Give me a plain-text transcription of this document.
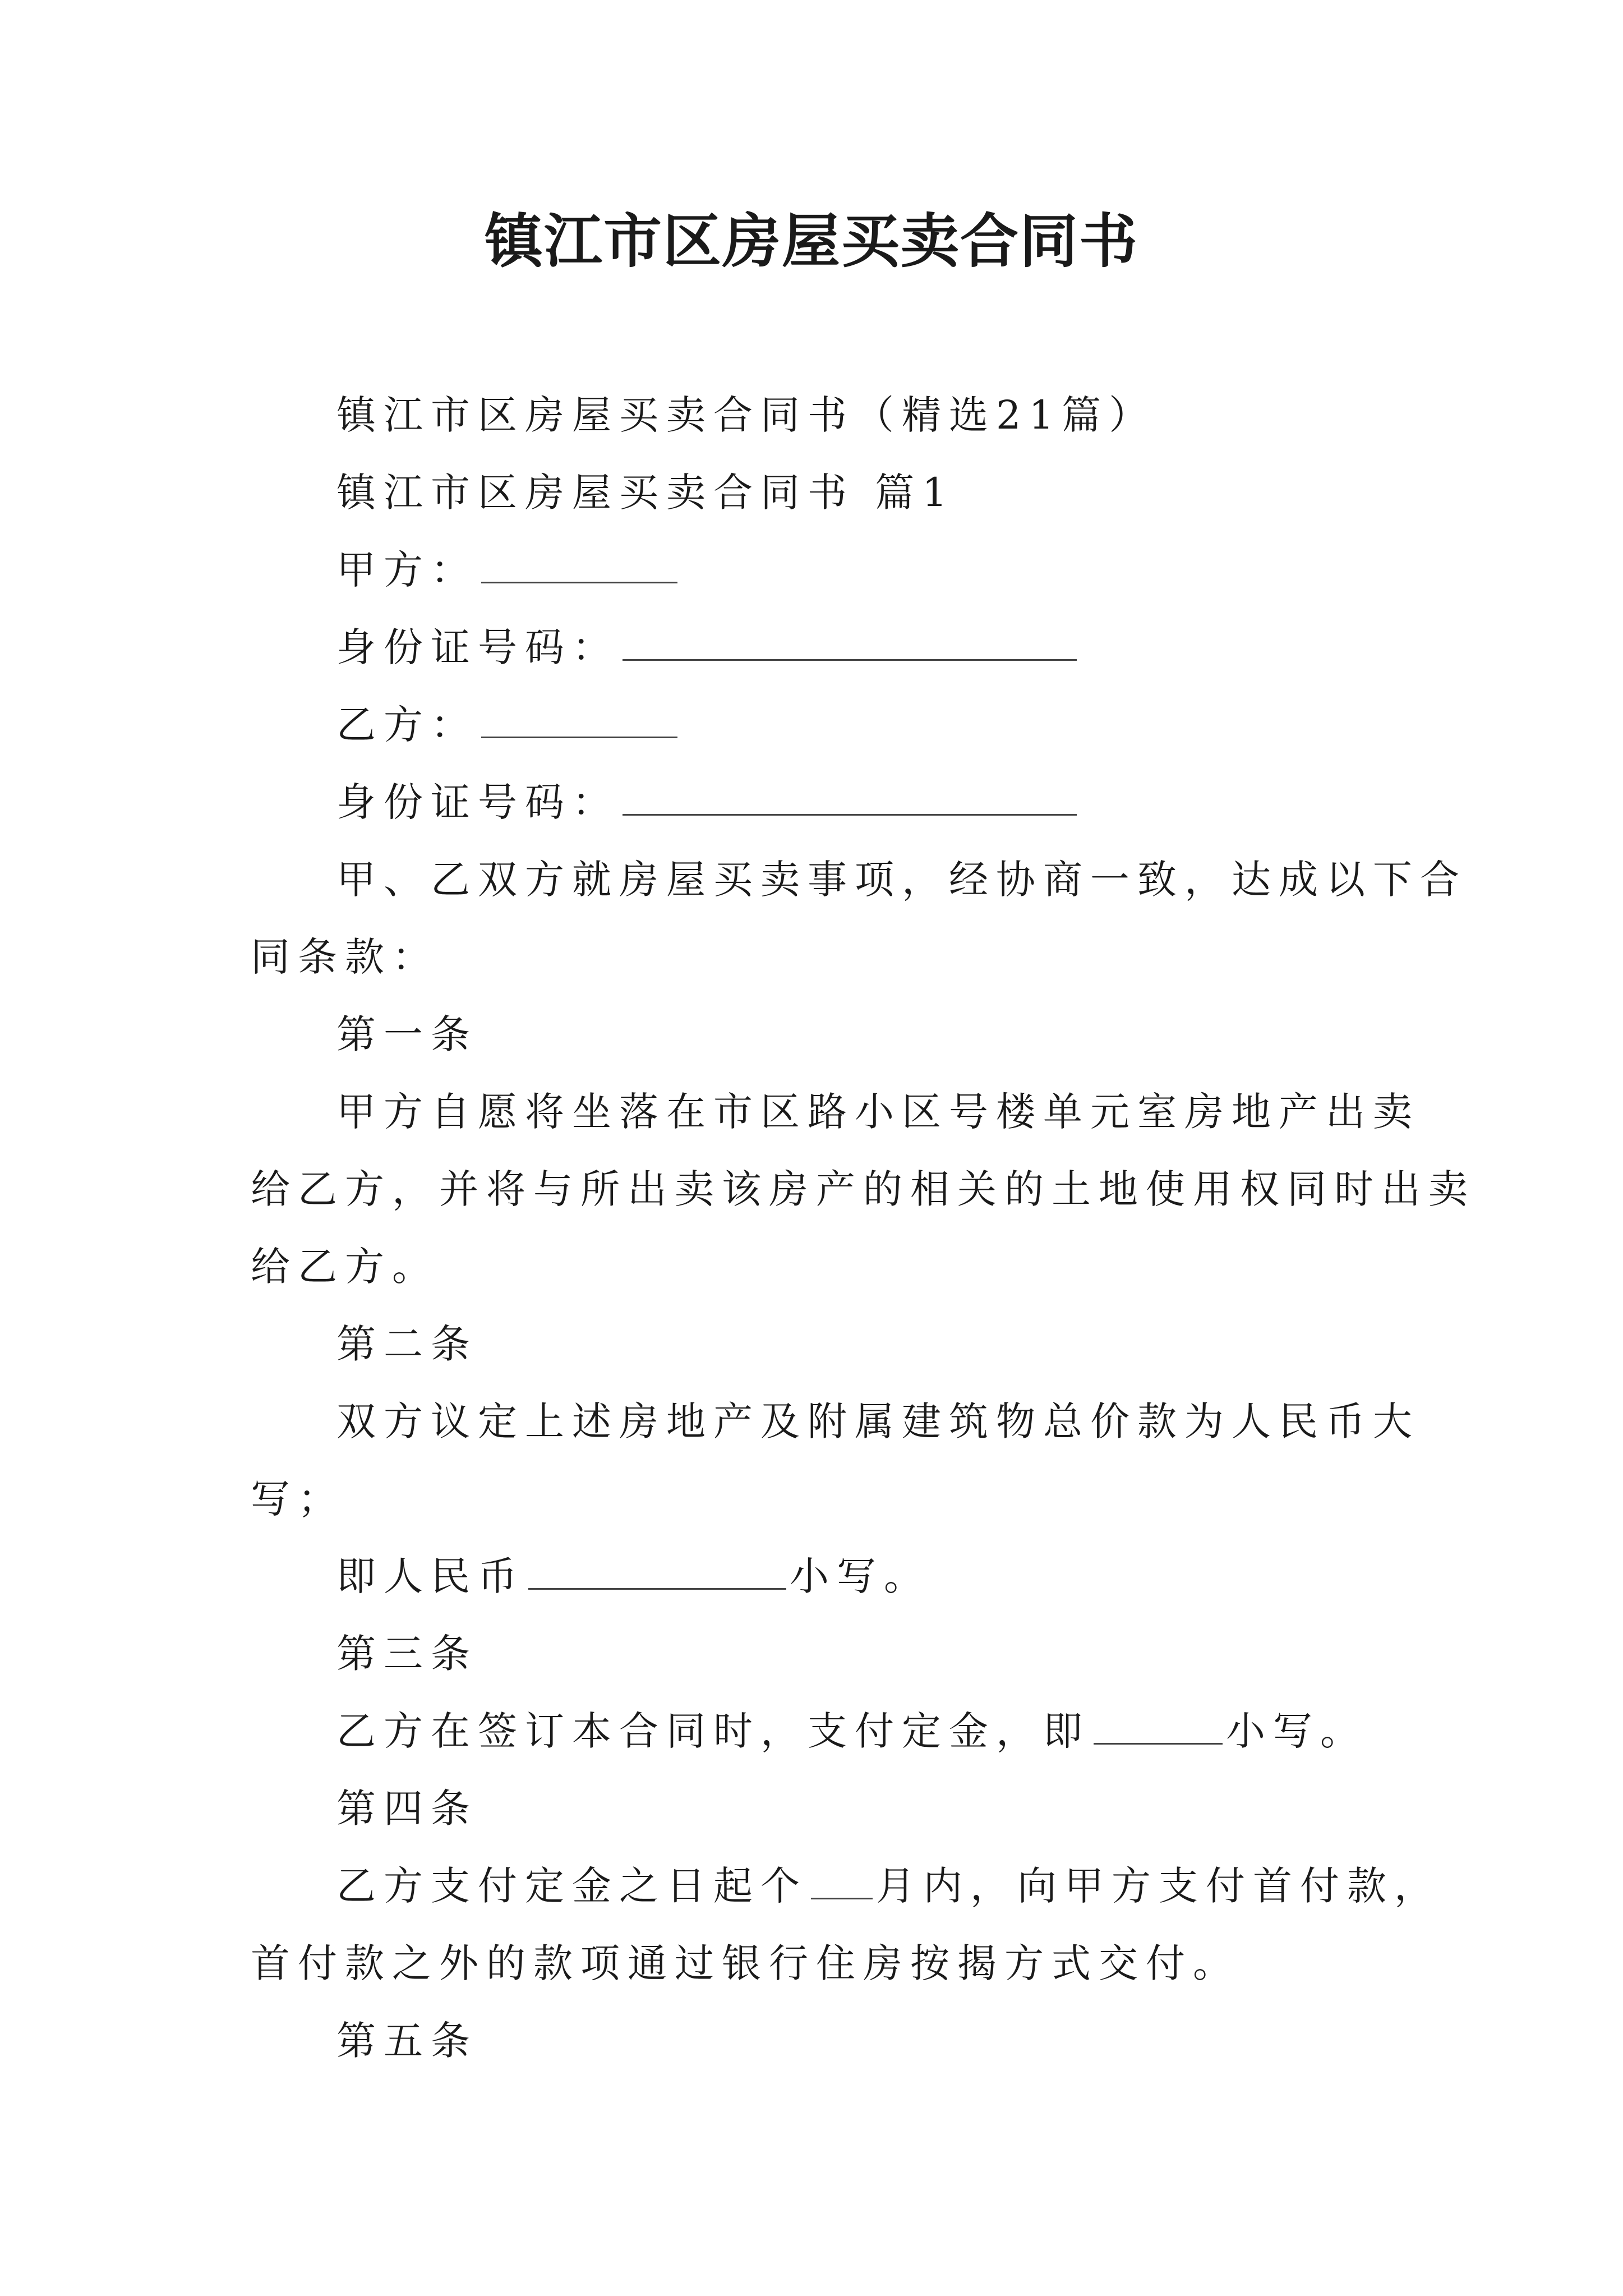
镇江市区房屋买卖合同书
镇江市区房屋买卖合同书（精选21篇）
镇江市区房屋买卖合同书 篇1
甲方：
身份证号码：
乙方：
身份证号码：
甲、乙双方就房屋买卖事项，经协商一致，达成以下合
同条款：
第一条
甲方自愿将坐落在市区路小区号楼单元室房地产出卖
给乙方，并将与所出卖该房产的相关的土地使用权同时出卖
给乙方。
第二条
双方议定上述房地产及附属建筑物总价款为人民币大
写；
即人民币	小写。
第三条
乙方在签订本合同时，支付定金，即	小写。
第四条
乙方支付定金之日起个 月内，向甲方支付首付款，
首付款之外的款项通过银行住房按揭方式交付。
第五条
